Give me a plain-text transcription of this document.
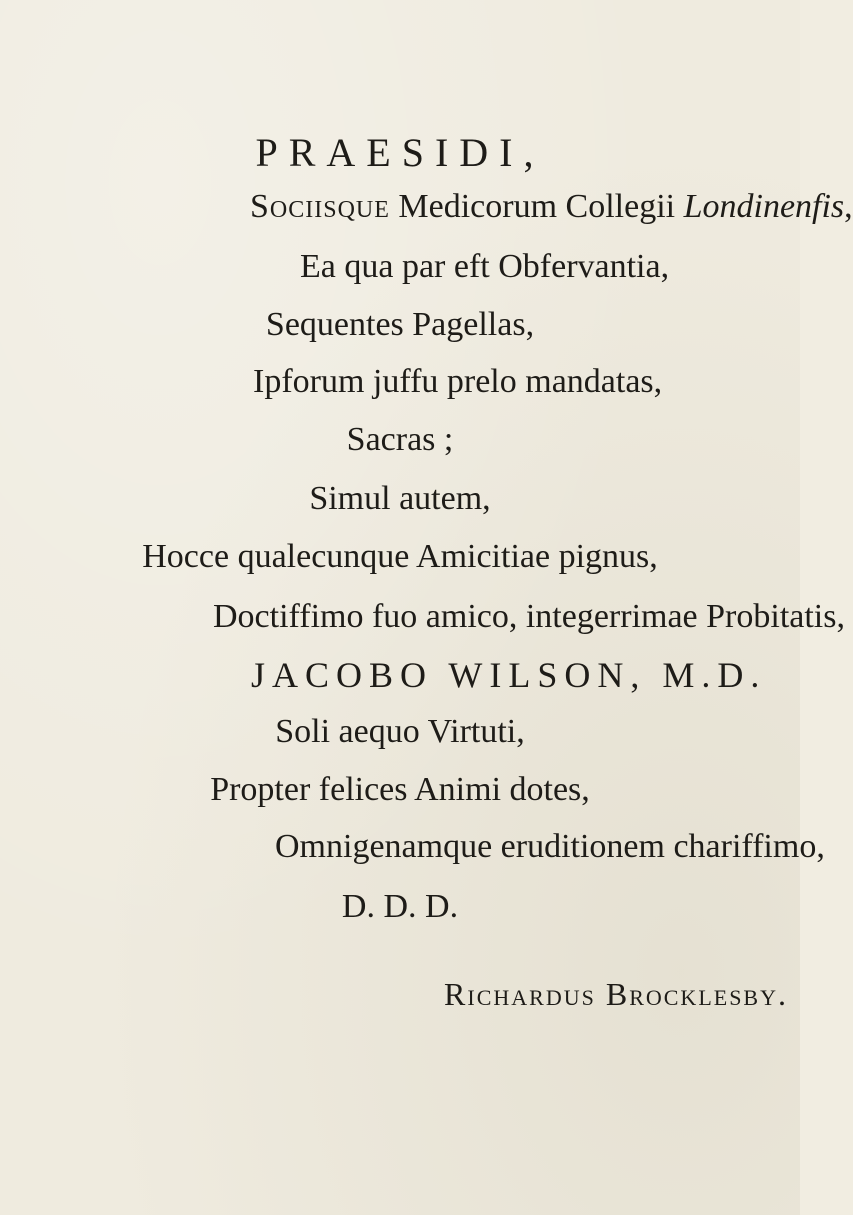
PRAESIDI,
Sociisque Medicorum Collegii Londinenfis,
Ea qua par eft Obfervantia,
Sequentes Pagellas,
Ipforum juffu prelo mandatas,
Sacras ;
Simul autem,
Hocce qualecunque Amicitiae pignus,
Doctiffimo fuo amico, integerrimae Probitatis,
JACOBO WILSON, M.D.
Soli aequo Virtuti,
Propter felices Animi dotes,
Omnigenamque eruditionem chariffimo,
D. D. D.
Richardus Brocklesby.
